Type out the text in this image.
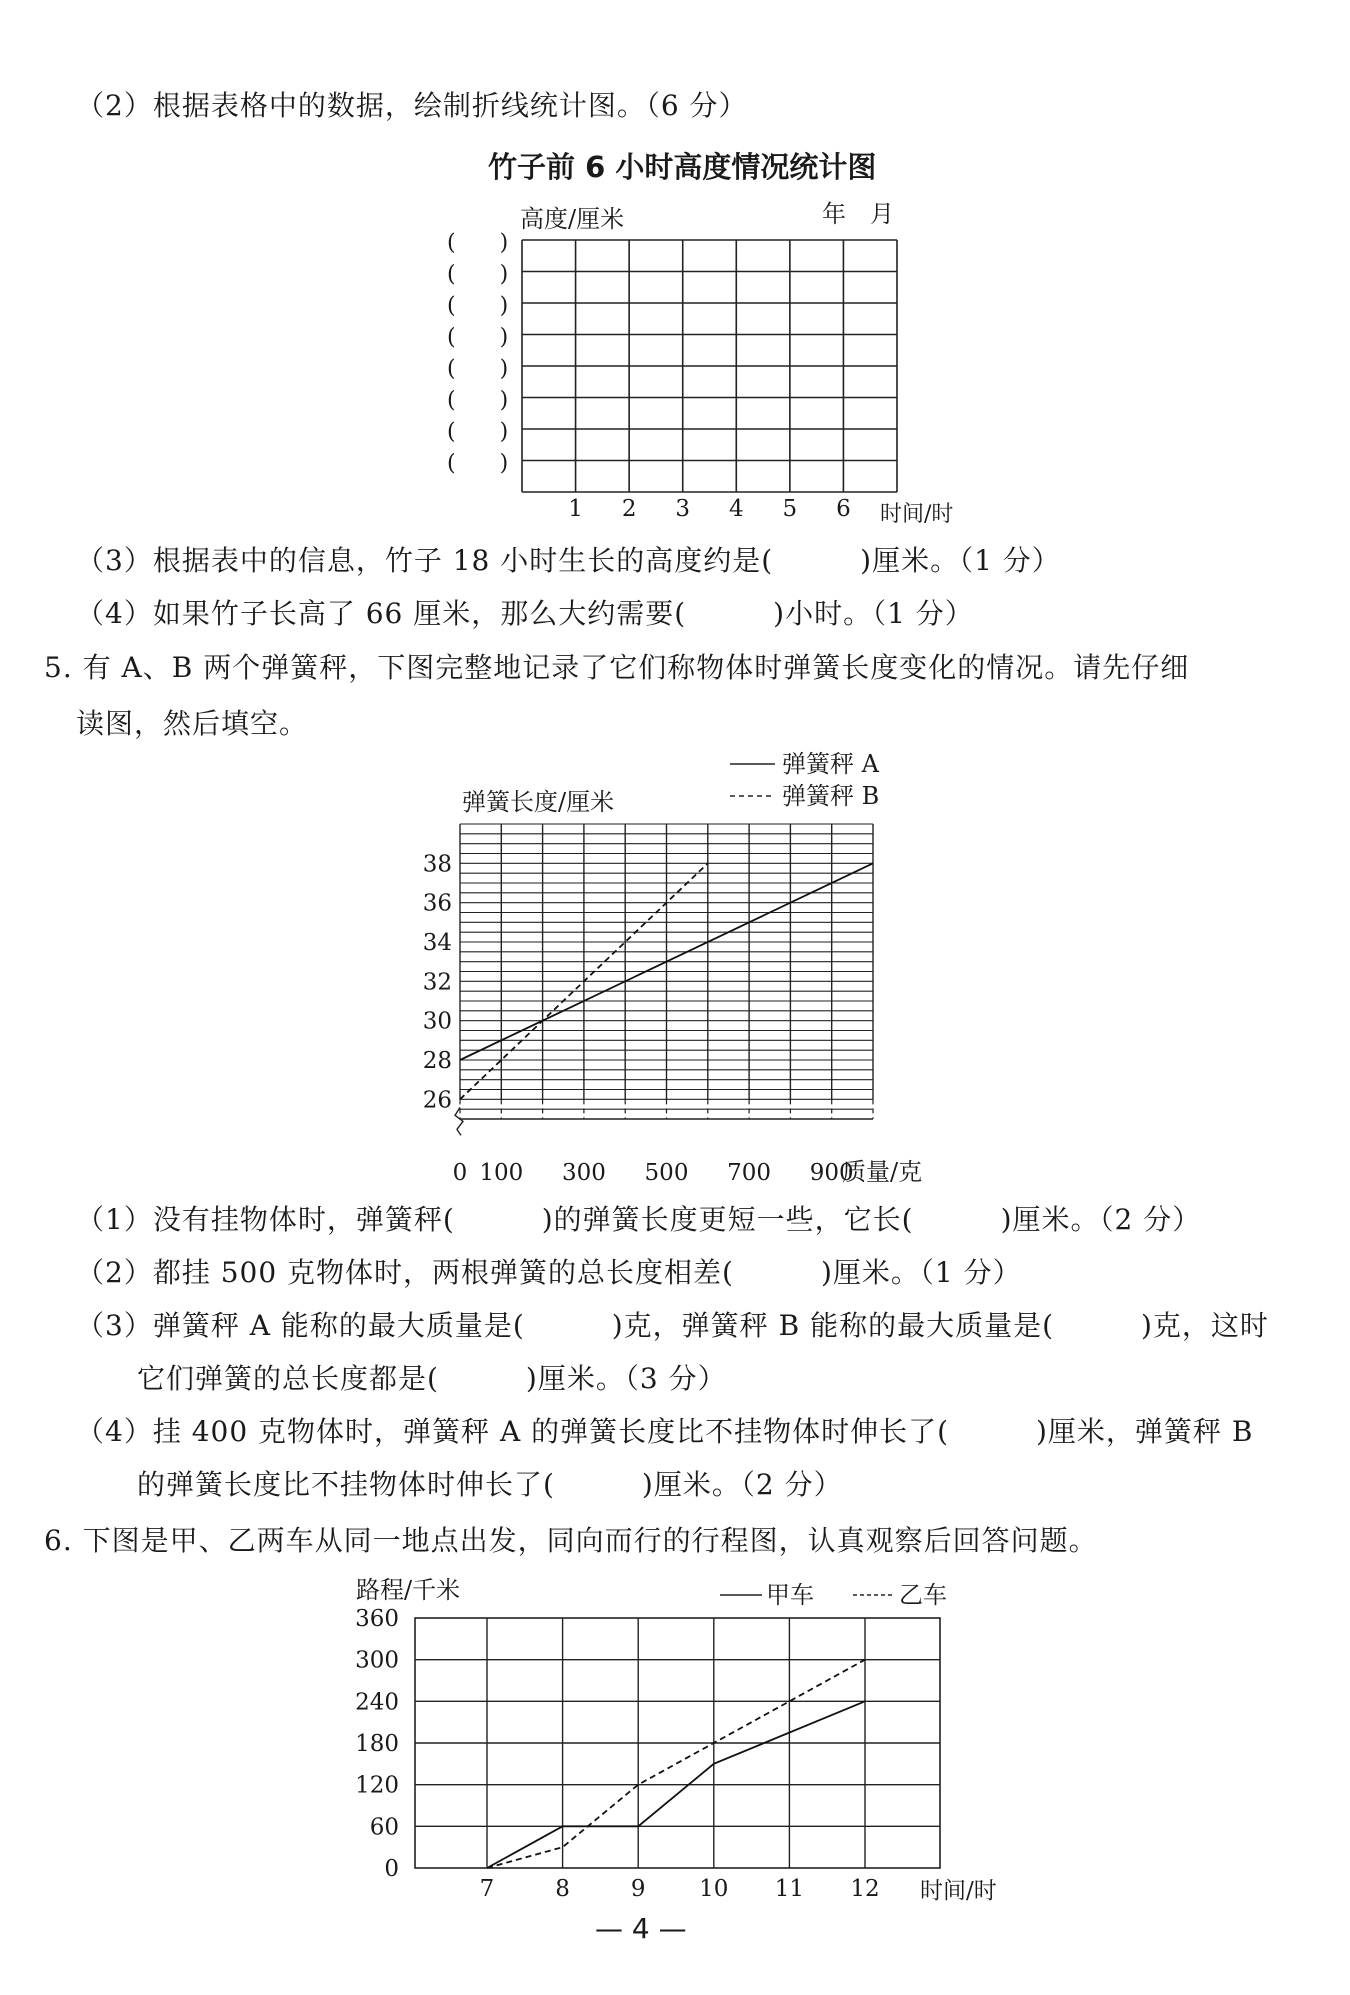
（2）根据表格中的数据，绘制折线统计图。（6 分）
竹子前 6 小时高度情况统计图
高度/厘米	年　月
(　　)
(　　)
(　　)
(　　)
(　　)
(　　)
(　　)
(　　)
1 2 3 4 5 6 时间/时
（3）根据表中的信息，竹子 18 小时生长的高度约是(　　　)厘米。（1 分）
（4）如果竹子长高了 66 厘米，那么大约需要(　　　)小时。（1 分）
5. 有 A、B 两个弹簧秤，下图完整地记录了它们称物体时弹簧长度变化的情况。请先仔细
读图，然后填空。
26
28
30
32
34
36
38
0 100 300 500 700 900
弹簧长度/厘米
质量/克
弹簧秤 A
弹簧秤 B
（1）没有挂物体时，弹簧秤(　　　)的弹簧长度更短一些，它长(　　　)厘米。（2 分）
（2）都挂 500 克物体时，两根弹簧的总长度相差(　　　)厘米。（1 分）
（3）弹簧秤 A 能称的最大质量是(　　　)克，弹簧秤 B 能称的最大质量是(　　　)克，这时
它们弹簧的总长度都是(　　　)厘米。（3 分）
（4）挂 400 克物体时，弹簧秤 A 的弹簧长度比不挂物体时伸长了(　　　)厘米，弹簧秤 B
的弹簧长度比不挂物体时伸长了(　　　)厘米。（2 分）
6. 下图是甲、乙两车从同一地点出发，同向而行的行程图，认真观察后回答问题。
0
60
120
180
240
300
360
7	8	9 10 11 12
路程/千米
时间/时
甲车	乙车
— 4 —
